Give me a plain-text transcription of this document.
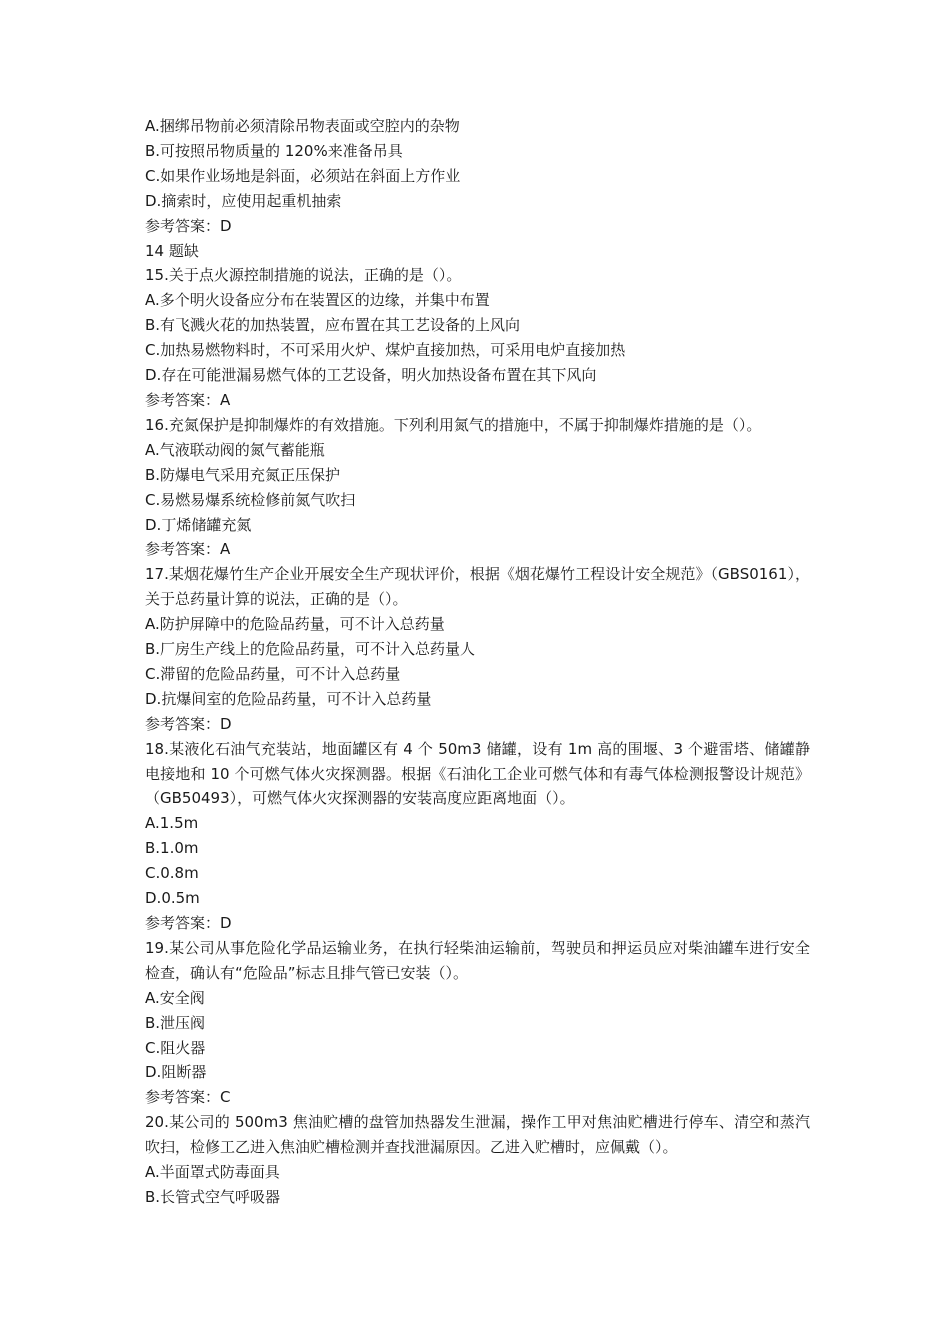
A.捆绑吊物前必须清除吊物表面或空腔内的杂物
B.可按照吊物质量的 120%来准备吊具
C.如果作业场地是斜面，必须站在斜面上方作业
D.摘索时，应使用起重机抽索
参考答案：D
14 题缺
15.关于点火源控制措施的说法，正确的是（）。
A.多个明火设备应分布在装置区的边缘，并集中布置
B.有飞溅火花的加热装置，应布置在其工艺设备的上风向
C.加热易燃物料时，不可采用火炉、煤炉直接加热，可采用电炉直接加热
D.存在可能泄漏易燃气体的工艺设备，明火加热设备布置在其下风向
参考答案：A
16.充氮保护是抑制爆炸的有效措施。下列利用氮气的措施中，不属于抑制爆炸措施的是（）。
A.气液联动阀的氮气蓄能瓶
B.防爆电气采用充氮正压保护
C.易燃易爆系统检修前氮气吹扫
D.丁烯储罐充氮
参考答案：A
17.某烟花爆竹生产企业开展安全生产现状评价，根据《烟花爆竹工程设计安全规范》（GBS0161），关于总药量计算的说法，正确的是（）。
A.防护屏障中的危险品药量，可不计入总药量
B.厂房生产线上的危险品药量，可不计入总药量人
C.滞留的危险品药量，可不计入总药量
D.抗爆间室的危险品药量，可不计入总药量
参考答案：D
18.某液化石油气充装站，地面罐区有 4 个 50m3 储罐，设有 1m 高的围堰、3 个避雷塔、储罐静电接地和 10 个可燃气体火灾探测器。根据《石油化工企业可燃气体和有毒气体检测报警设计规范》（GB50493），可燃气体火灾探测器的安装高度应距离地面（）。
A.1.5m
B.1.0m
C.0.8m
D.0.5m
参考答案：D
19.某公司从事危险化学品运输业务，在执行轻柴油运输前，驾驶员和押运员应对柴油罐车进行安全检查，确认有“危险品”标志且排气管已安装（）。
A.安全阀
B.泄压阀
C.阻火器
D.阻断器
参考答案：C
20.某公司的 500m3 焦油贮槽的盘管加热器发生泄漏，操作工甲对焦油贮槽进行停车、清空和蒸汽吹扫，检修工乙进入焦油贮槽检测并查找泄漏原因。乙进入贮槽时，应佩戴（）。
A.半面罩式防毒面具
B.长管式空气呼吸器
